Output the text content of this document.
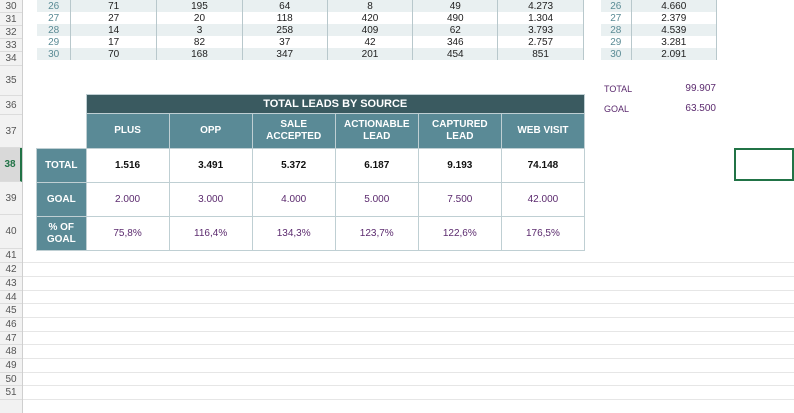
30
31
32
33
34
35
36
37
38
39
40
41
42
43
44
45
46
47
48
49
50
51
26	71	195	64	8	49	4.273
27	27	20	118	420	490	1.304
28	14	3	258	409	62	3.793
29	17	82	37	42	346	2.757
30	70	168	347	201	454	851
26	4.660
27	2.379
28	4.539
29	3.281
30	2.091
TOTAL	99.907
GOAL	63.500
	TOTAL LEADS BY SOURCE					
	PLUS	OPP	SALE ACCEPTED	ACTIONABLE LEAD	CAPTURED LEAD	WEB VISIT
TOTAL	1.516	3.491	5.372	6.187	9.193	74.148
GOAL	2.000	3.000	4.000	5.000	7.500	42.000
% OF GOAL	75,8%	116,4%	134,3%	123,7%	122,6%	176,5%
